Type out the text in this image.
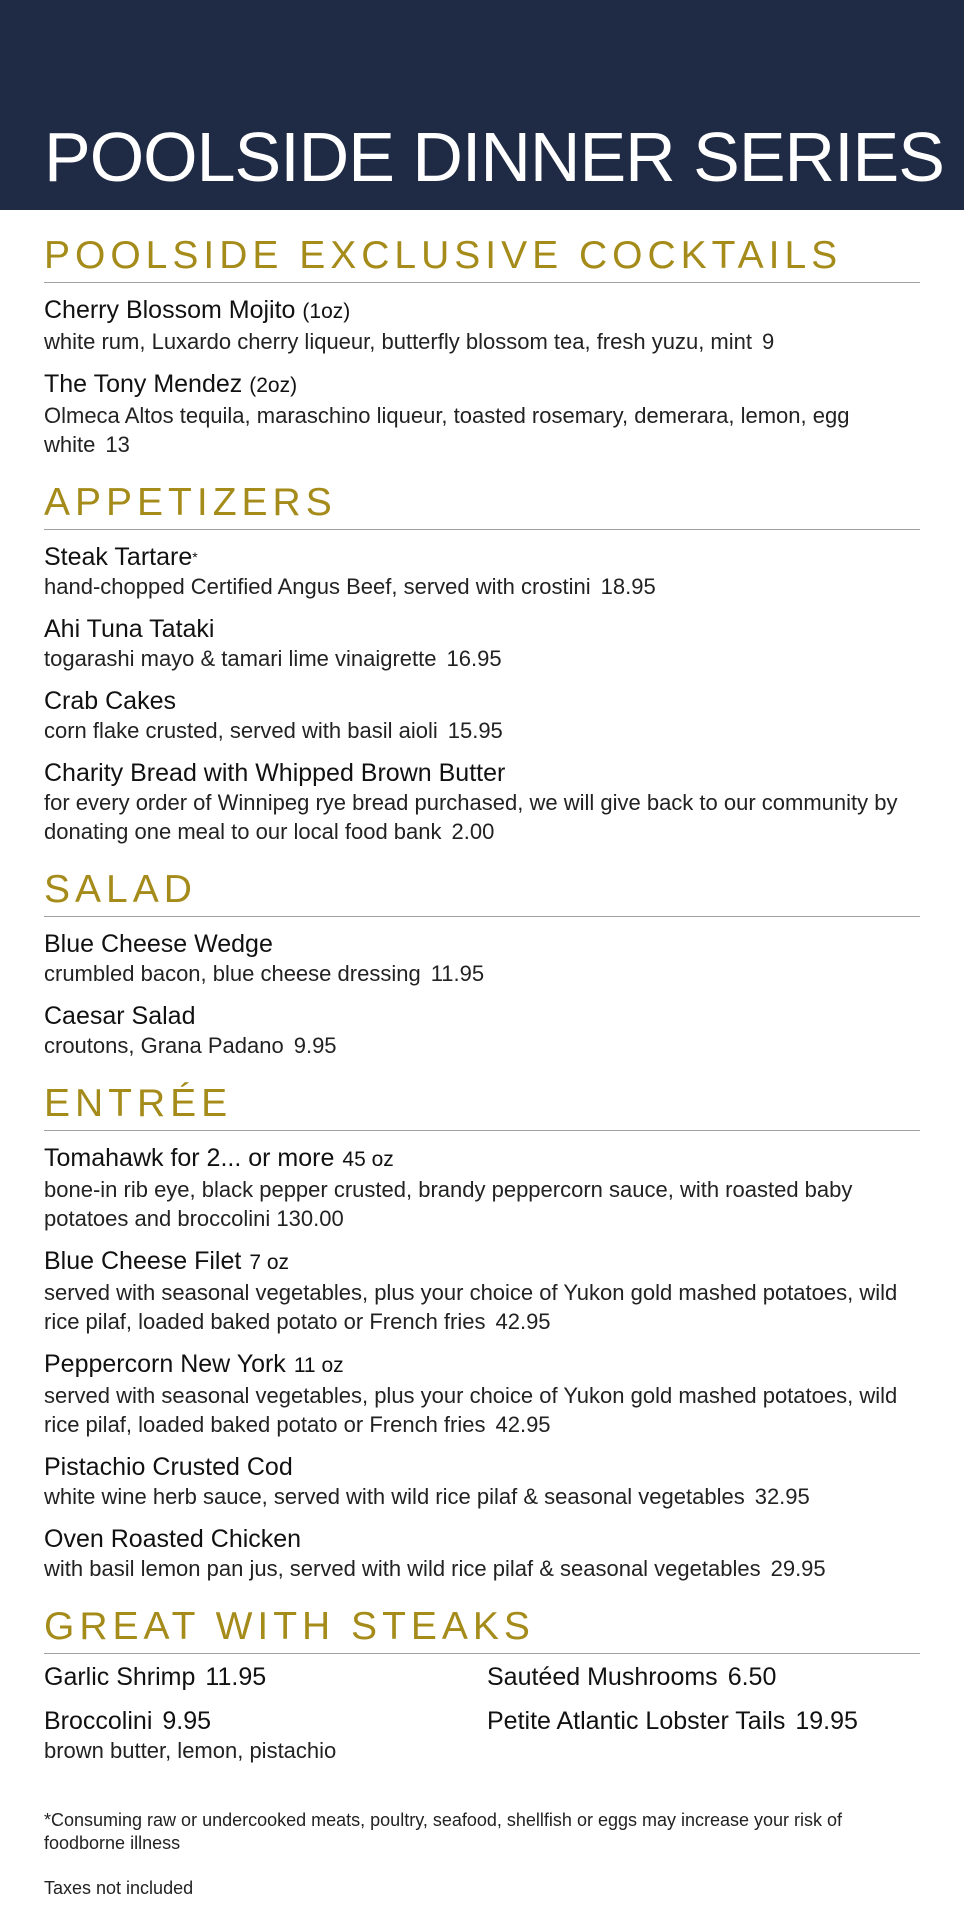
POOLSIDE DINNER SERIES
POOLSIDE EXCLUSIVE COCKTAILS
Cherry Blossom Mojito (1oz)
white rum, Luxardo cherry liqueur, butterfly blossom tea, fresh yuzu, mint 9
The Tony Mendez (2oz)
Olmeca Altos tequila, maraschino liqueur, toasted rosemary, demerara, lemon, egg white 13
APPETIZERS
Steak Tartare*
hand-chopped Certified Angus Beef, served with crostini 18.95
Ahi Tuna Tataki
togarashi mayo & tamari lime vinaigrette 16.95
Crab Cakes
corn flake crusted, served with basil aioli 15.95
Charity Bread with Whipped Brown Butter
for every order of Winnipeg rye bread purchased, we will give back to our community by donating one meal to our local food bank 2.00
SALAD
Blue Cheese Wedge
crumbled bacon, blue cheese dressing 11.95
Caesar Salad
croutons, Grana Padano 9.95
ENTRÉE
Tomahawk for 2... or more 45 oz
bone-in rib eye, black pepper crusted, brandy peppercorn sauce, with roasted baby potatoes and broccolini 130.00
Blue Cheese Filet 7 oz
served with seasonal vegetables, plus your choice of Yukon gold mashed potatoes, wild rice pilaf, loaded baked potato or French fries 42.95
Peppercorn New York 11 oz
served with seasonal vegetables, plus your choice of Yukon gold mashed potatoes, wild rice pilaf, loaded baked potato or French fries 42.95
Pistachio Crusted Cod
white wine herb sauce, served with wild rice pilaf & seasonal vegetables 32.95
Oven Roasted Chicken
with basil lemon pan jus, served with wild rice pilaf & seasonal vegetables 29.95
GREAT WITH STEAKS
Garlic Shrimp 11.95	Sautéed Mushrooms 6.50
Broccolini 9.95
brown butter, lemon, pistachio
Petite Atlantic Lobster Tails 19.95
*Consuming raw or undercooked meats, poultry, seafood, shellfish or eggs may increase your risk of foodborne illness
Taxes not included
